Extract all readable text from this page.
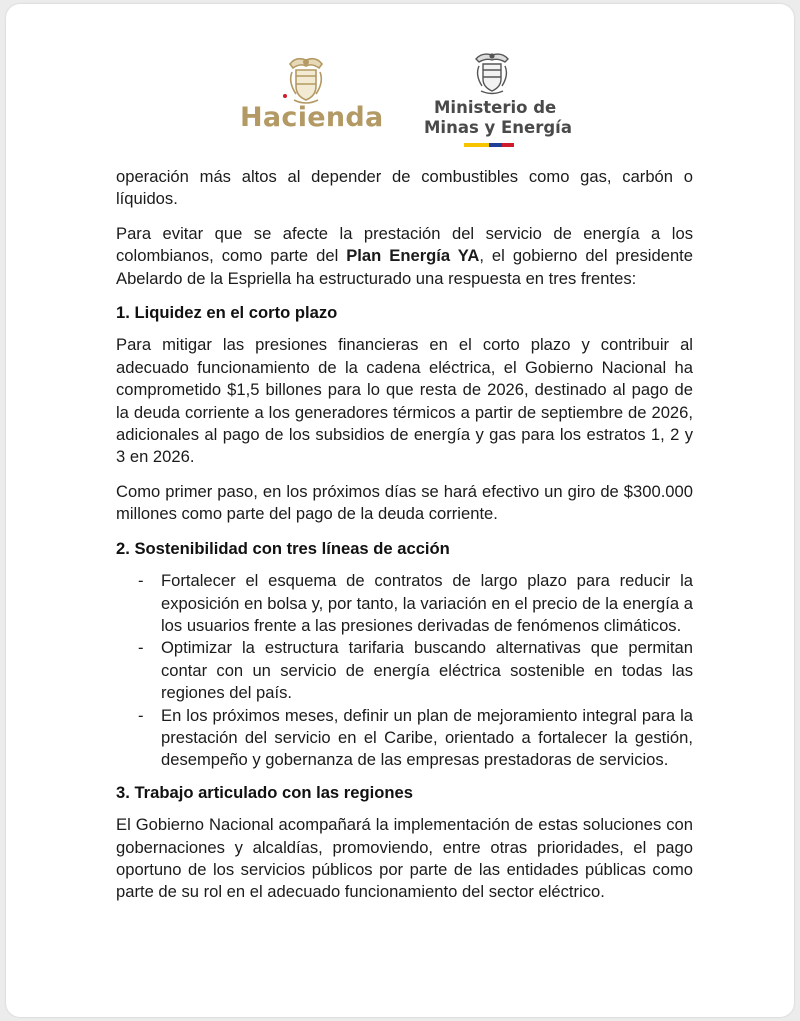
Hacienda	Ministerio de
Minas y Energía

operación más altos al depender de combustibles como gas, carbón o líquidos.

Para evitar que se afecte la prestación del servicio de energía a los colombianos, como parte del Plan Energía YA, el gobierno del presidente Abelardo de la Espriella ha estructurado una respuesta en tres frentes:

1. Liquidez en el corto plazo

Para mitigar las presiones financieras en el corto plazo y contribuir al adecuado funcionamiento de la cadena eléctrica, el Gobierno Nacional ha comprometido $1,5 billones para lo que resta de 2026, destinado al pago de la deuda corriente a los generadores térmicos a partir de septiembre de 2026, adicionales al pago de los subsidios de energía y gas para los estratos 1, 2 y 3 en 2026.

Como primer paso, en los próximos días se hará efectivo un giro de $300.000 millones como parte del pago de la deuda corriente.

2. Sostenibilidad con tres líneas de acción
- Fortalecer el esquema de contratos de largo plazo para reducir la exposición en bolsa y, por tanto, la variación en el precio de la energía a los usuarios frente a las presiones derivadas de fenómenos climáticos.
- Optimizar la estructura tarifaria buscando alternativas que permitan contar con un servicio de energía eléctrica sostenible en todas las regiones del país.
- En los próximos meses, definir un plan de mejoramiento integral para la prestación del servicio en el Caribe, orientado a fortalecer la gestión, desempeño y gobernanza de las empresas prestadoras de servicios.
3. Trabajo articulado con las regiones

El Gobierno Nacional acompañará la implementación de estas soluciones con gobernaciones y alcaldías, promoviendo, entre otras prioridades, el pago oportuno de los servicios públicos por parte de las entidades públicas como parte de su rol en el adecuado funcionamiento del sector eléctrico.
